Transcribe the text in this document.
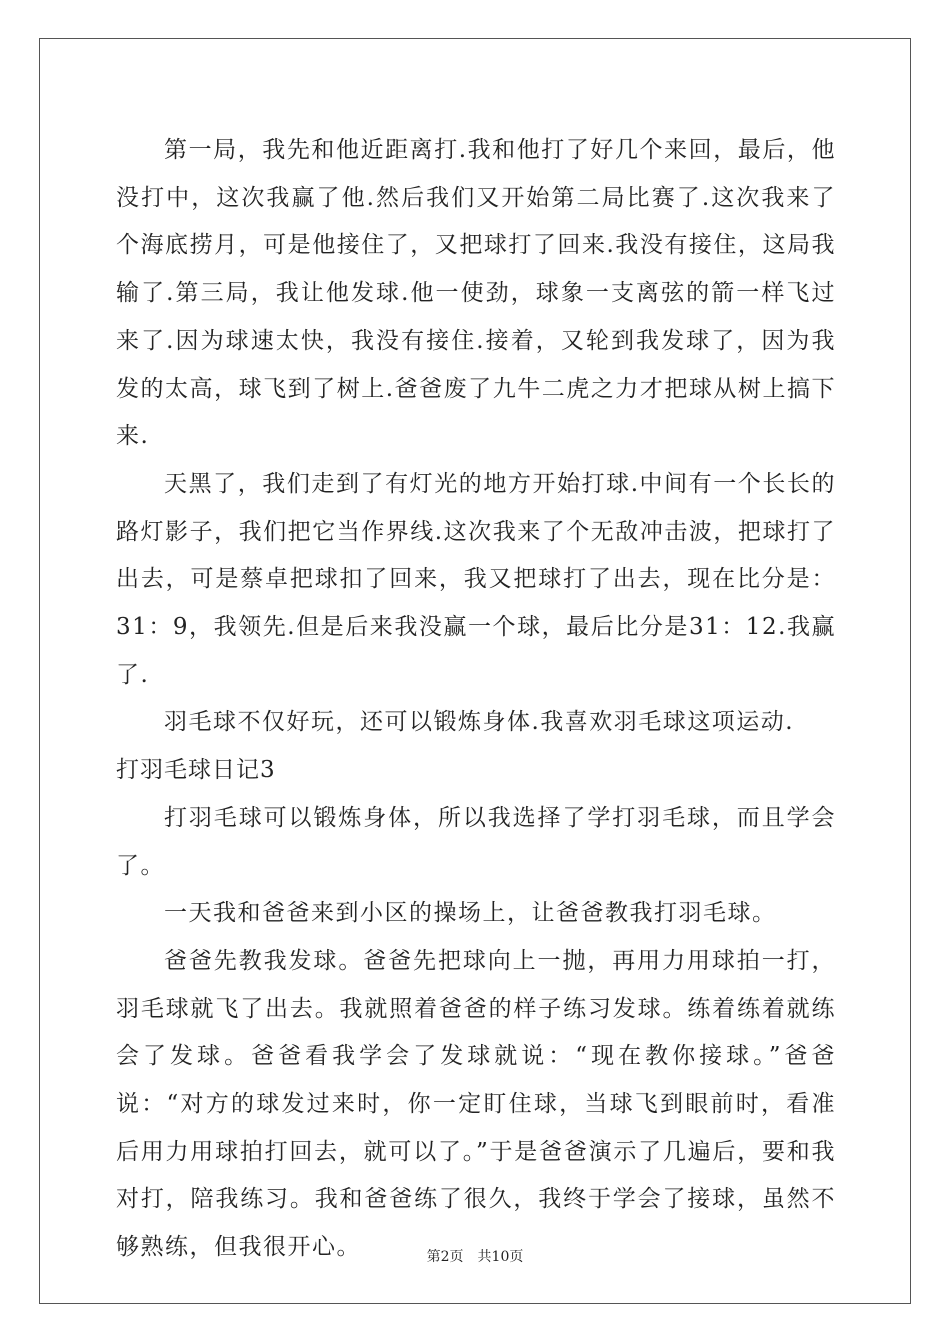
第一局，我先和他近距离打.我和他打了好几个来回，最后，他没打中，这次我赢了他.然后我们又开始第二局比赛了.这次我来了个海底捞月，可是他接住了，又把球打了回来.我没有接住，这局我输了.第三局，我让他发球.他一使劲，球象一支离弦的箭一样飞过来了.因为球速太快，我没有接住.接着，又轮到我发球了，因为我发的太高，球飞到了树上.爸爸废了九牛二虎之力才把球从树上搞下来.

天黑了，我们走到了有灯光的地方开始打球.中间有一个长长的路灯影子，我们把它当作界线.这次我来了个无敌冲击波，把球打了出去，可是蔡卓把球扣了回来，我又把球打了出去，现在比分是：31：9，我领先.但是后来我没赢一个球，最后比分是31：12.我赢了.

羽毛球不仅好玩，还可以锻炼身体.我喜欢羽毛球这项运动.

打羽毛球日记3

打羽毛球可以锻炼身体，所以我选择了学打羽毛球，而且学会了。

一天我和爸爸来到小区的操场上，让爸爸教我打羽毛球。

爸爸先教我发球。爸爸先把球向上一抛，再用力用球拍一打，羽毛球就飞了出去。我就照着爸爸的样子练习发球。练着练着就练会了发球。爸爸看我学会了发球就说：“现在教你接球。”爸爸说：“对方的球发过来时，你一定盯住球，当球飞到眼前时，看准后用力用球拍打回去，就可以了。”于是爸爸演示了几遍后，要和我对打，陪我练习。我和爸爸练了很久，我终于学会了接球，虽然不够熟练，但我很开心。	第2页 共10页
